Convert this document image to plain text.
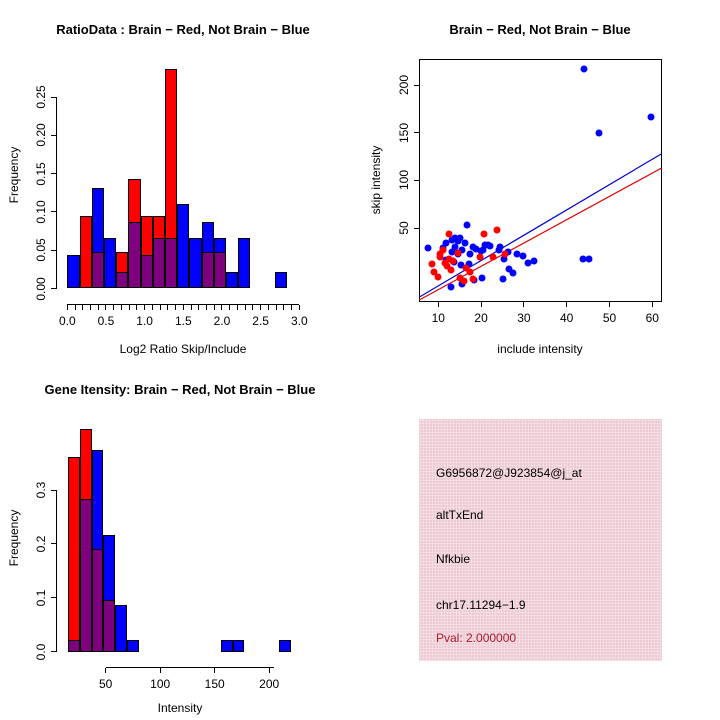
RatioData : Brain − Red, Not Brain − Blue	Brain − Red, Not Brain − Blue
Gene Itensity: Brain − Red, Not Brain − Blue
Log2 Ratio Skip/Include	include intensity
Intensity
Frequency	skip intensity
Frequency
G6956872@J923854@j_at
altTxEnd
Nfkbie
chr17.11294−1.9
Pval: 2.000000
0.00
0.05
0.10
0.15
0.20
0.25
0.0 0.5 1.0 1.5 2.0 2.5 3.0	10 20 30 40 50 60
50
100
150
200
0.0
0.1
0.2
0.3
50	100	150	200
